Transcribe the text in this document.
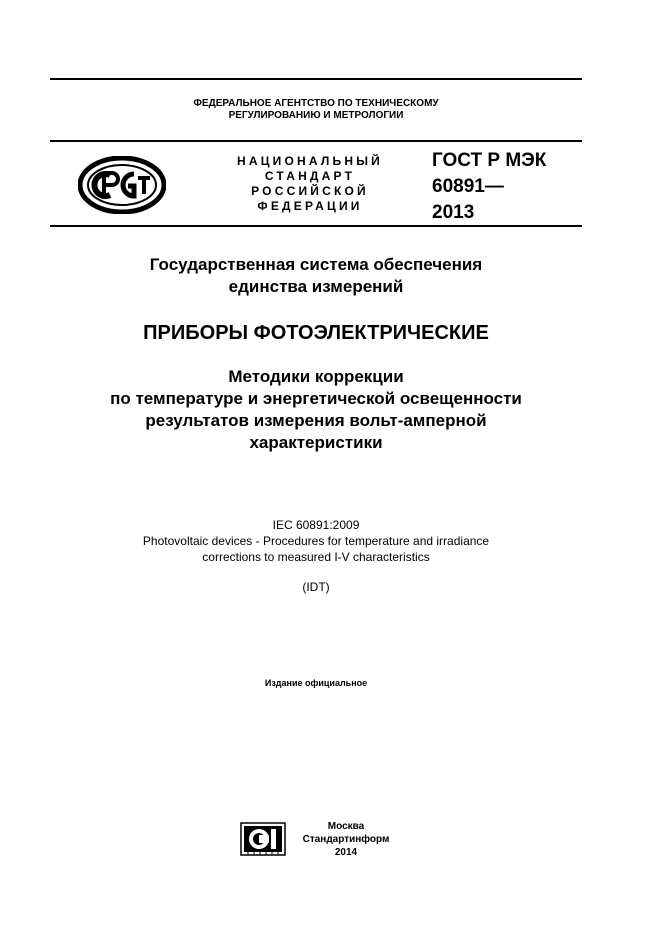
ФЕДЕРАЛЬНОЕ АГЕНТСТВО ПО ТЕХНИЧЕСКОМУ
РЕГУЛИРОВАНИЮ И МЕТРОЛОГИИ
НАЦИОНАЛЬНЫЙ
СТАНДАРТ
РОССИЙСКОЙ
ФЕДЕРАЦИИ
ГОСТ Р МЭК
60891—
2013
Государственная система обеспечения
единства измерений
ПРИБОРЫ ФОТОЭЛЕКТРИЧЕСКИЕ
Методики коррекции
по температуре и энергетической освещенности
результатов измерения вольт-амперной
характеристики
IEC 60891:2009
Photovoltaic devices - Procedures for temperature and irradiance
corrections to measured I-V characteristics
(IDT)
Издание официальное
Москва
Стандартинформ
2014
